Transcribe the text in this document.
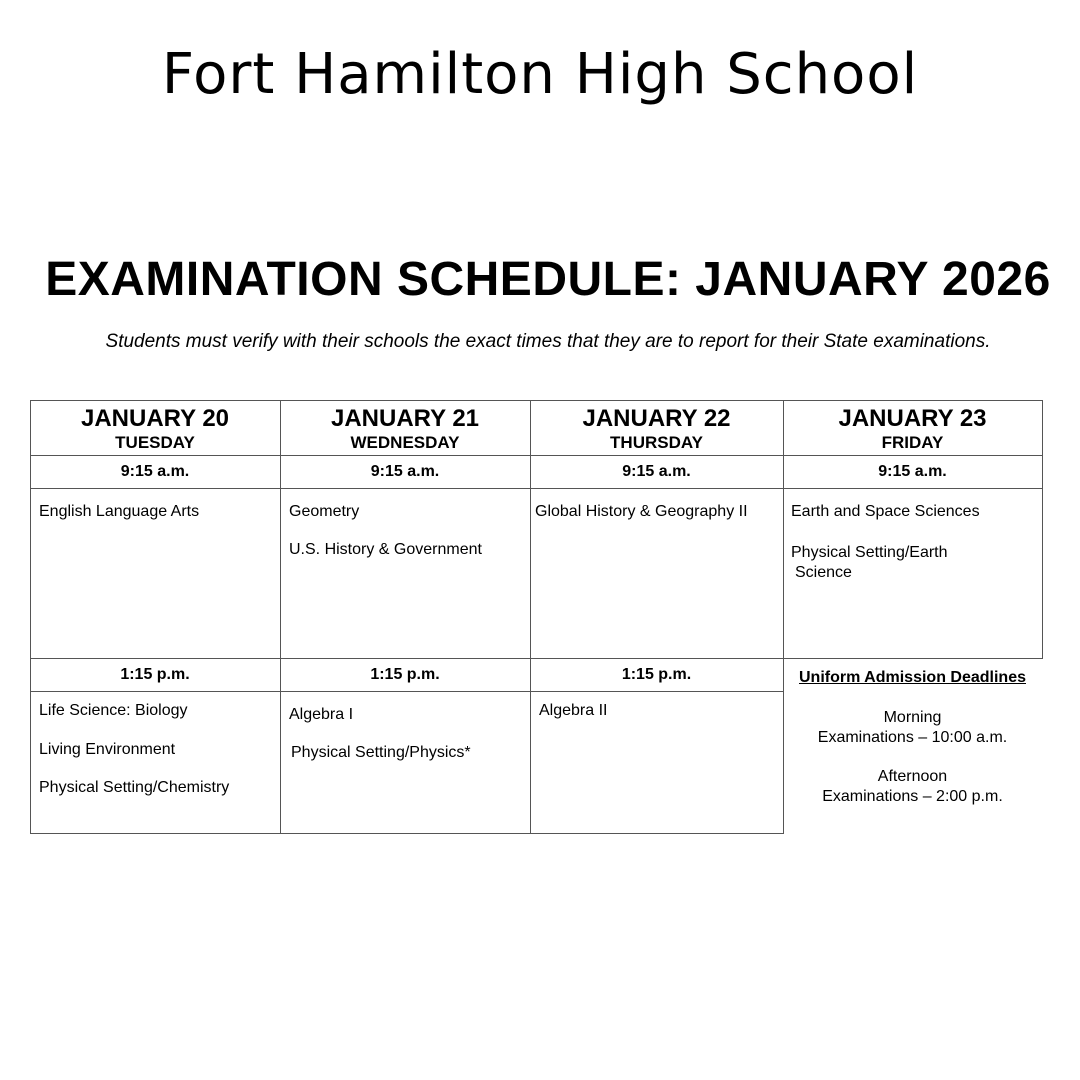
Fort Hamilton High School
EXAMINATION SCHEDULE: JANUARY 2026
Students must verify with their schools the exact times that they are to report for their State examinations.
JANUARY 20
TUESDAY
9:15 a.m.
English Language Arts
1:15 p.m.
Life Science: Biology
Living Environment
Physical Setting/Chemistry
JANUARY 21
WEDNESDAY
9:15 a.m.
Geometry
U.S. History & Government
1:15 p.m.
Algebra I
Physical Setting/Physics*
JANUARY 22
THURSDAY
9:15 a.m.
Global History & Geography II
1:15 p.m.
Algebra II
JANUARY 23
FRIDAY
9:15 a.m.
Earth and Space Sciences
Physical Setting/Earth
Science
Uniform Admission Deadlines
Morning
Examinations – 10:00 a.m.
Afternoon
Examinations – 2:00 p.m.
